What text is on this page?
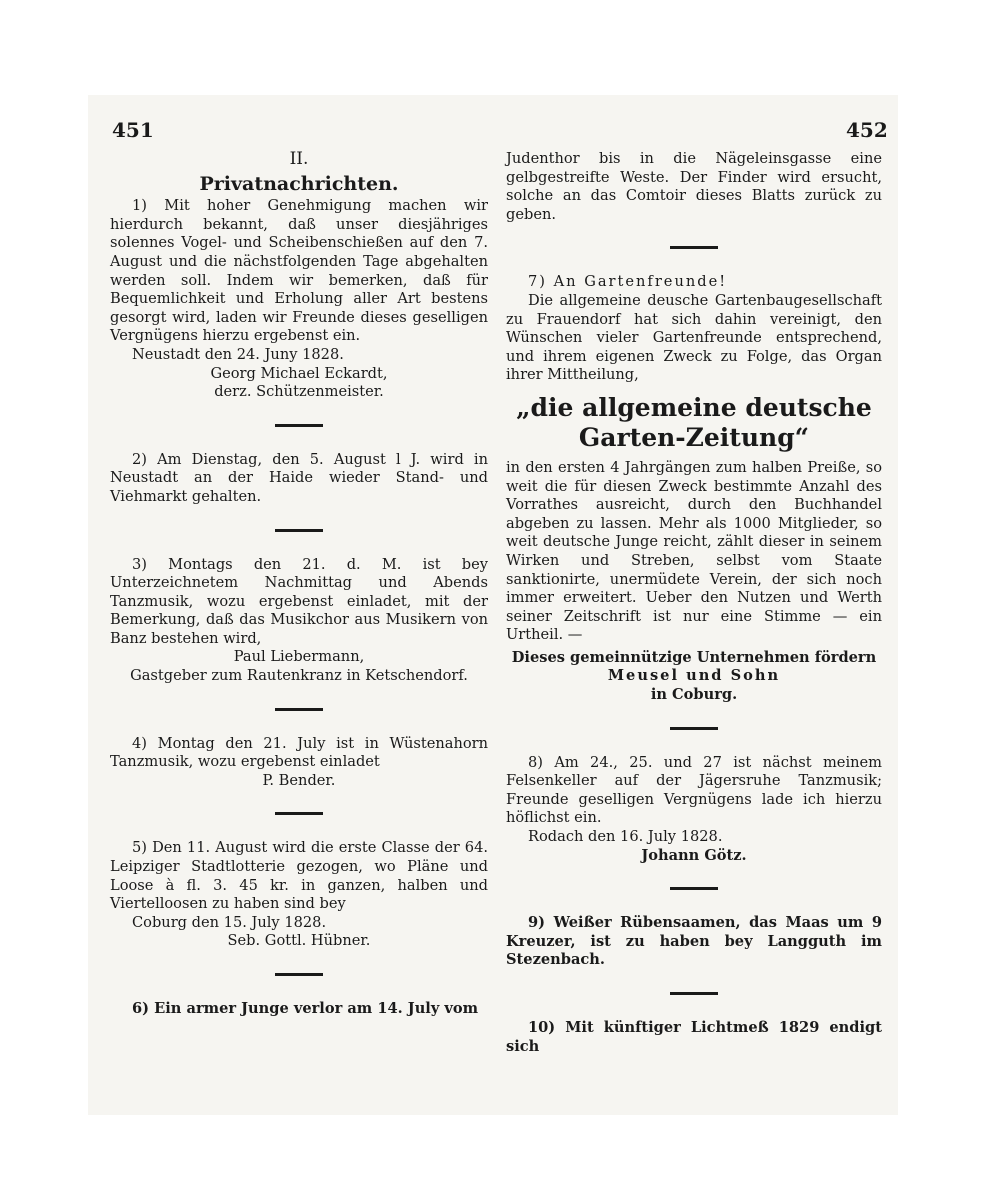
451	452
II.
Privatnachrichten.

1) Mit hoher Genehmigung machen wir hierdurch bekannt, daß unser diesjähriges solennes Vogel- und Scheibenschießen auf den 7. August und die nächstfolgenden Tage abgehalten werden soll. Indem wir bemerken, daß für Bequemlichkeit und Erholung aller Art bestens gesorgt wird, laden wir Freunde dieses geselligen Vergnügens hierzu ergebenst ein.

Neustadt den 24. Juny 1828.

Georg Michael Eckardt,
derz. Schützenmeister.

2) Am Dienstag, den 5. August l J. wird in Neustadt an der Haide wieder Stand- und Viehmarkt gehalten.

3) Montags den 21. d. M. ist bey Unterzeichnetem Nachmittag und Abends Tanzmusik, wozu ergebenst einladet, mit der Bemerkung, daß das Musikchor aus Musikern von Banz bestehen wird,

Paul Liebermann,
Gastgeber zum Rautenkranz in Ketschendorf.

4) Montag den 21. July ist in Wüstenahorn Tanzmusik, wozu ergebenst einladet

P. Bender.

5) Den 11. August wird die erste Classe der 64. Leipziger Stadtlotterie gezogen, wo Pläne und Loose à fl. 3. 45 kr. in ganzen, halben und Viertelloosen zu haben sind bey

Coburg den 15. July 1828.

Seb. Gottl. Hübner.

6) Ein armer Junge verlor am 14. July vom

Judenthor bis in die Nägeleinsgasse eine gelbgestreifte Weste. Der Finder wird ersucht, solche an das Comtoir dieses Blatts zurück zu geben.

7) An Gartenfreunde!

Die allgemeine deusche Gartenbaugesellschaft zu Frauendorf hat sich dahin vereinigt, den Wünschen vieler Gartenfreunde entsprechend, und ihrem eigenen Zweck zu Folge, das Organ ihrer Mittheilung,

„die allgemeine deutsche Garten-Zeitung“

in den ersten 4 Jahrgängen zum halben Preiße, so weit die für diesen Zweck bestimmte Anzahl des Vorrathes ausreicht, durch den Buchhandel abgeben zu lassen. Mehr als 1000 Mitglieder, so weit deutsche Junge reicht, zählt dieser in seinem Wirken und Streben, selbst vom Staate sanktionirte, unermüdete Verein, der sich noch immer erweitert. Ueber den Nutzen und Werth seiner Zeitschrift ist nur eine Stimme — ein Urtheil. —

Dieses gemeinnützige Unternehmen fördern
Meusel und Sohn
in Coburg.

8) Am 24., 25. und 27 ist nächst meinem Felsenkeller auf der Jägersruhe Tanzmusik; Freunde geselligen Vergnügens lade ich hierzu höflichst ein.

Rodach den 16. July 1828.

Johann Götz.

9) Weißer Rübensaamen, das Maas um 9 Kreuzer, ist zu haben bey Langguth im Stezenbach.

10) Mit künftiger Lichtmeß 1829 endigt sich
